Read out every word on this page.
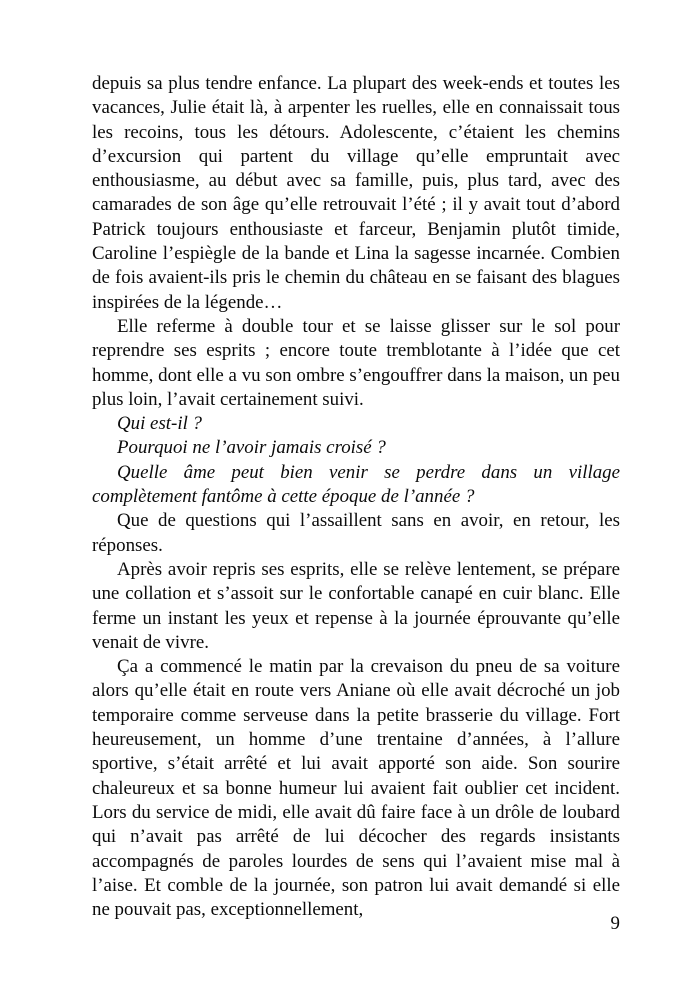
depuis sa plus tendre enfance. La plupart des week-ends et toutes les vacances, Julie était là, à arpenter les ruelles, elle en connaissait tous les recoins, tous les détours. Adolescente, c’étaient les chemins d’excursion qui partent du village qu’elle empruntait avec enthousiasme, au début avec sa famille, puis, plus tard, avec des camarades de son âge qu’elle retrouvait l’été ; il y avait tout d’abord Patrick toujours enthousiaste et farceur, Benjamin plutôt timide, Caroline l’espiègle de la bande et Lina la sagesse incarnée. Combien de fois avaient-ils pris le chemin du château en se faisant des blagues inspirées de la légende…

Elle referme à double tour et se laisse glisser sur le sol pour reprendre ses esprits ; encore toute tremblotante à l’idée que cet homme, dont elle a vu son ombre s’engouffrer dans la maison, un peu plus loin, l’avait certainement suivi.

Qui est-il ?

Pourquoi ne l’avoir jamais croisé ?

Quelle âme peut bien venir se perdre dans un village complètement fantôme à cette époque de l’année ?

Que de questions qui l’assaillent sans en avoir, en retour, les réponses.

Après avoir repris ses esprits, elle se relève lentement, se prépare une collation et s’assoit sur le confortable canapé en cuir blanc. Elle ferme un instant les yeux et repense à la journée éprouvante qu’elle venait de vivre.

Ça a commencé le matin par la crevaison du pneu de sa voiture alors qu’elle était en route vers Aniane où elle avait décroché un job temporaire comme serveuse dans la petite brasserie du village. Fort heureusement, un homme d’une trentaine d’années, à l’allure sportive, s’était arrêté et lui avait apporté son aide. Son sourire chaleureux et sa bonne humeur lui avaient fait oublier cet incident. Lors du service de midi, elle avait dû faire face à un drôle de loubard qui n’avait pas arrêté de lui décocher des regards insistants accompagnés de paroles lourdes de sens qui l’avaient mise mal à l’aise. Et comble de la journée, son patron lui avait demandé si elle ne pouvait pas, exceptionnellement,

9
